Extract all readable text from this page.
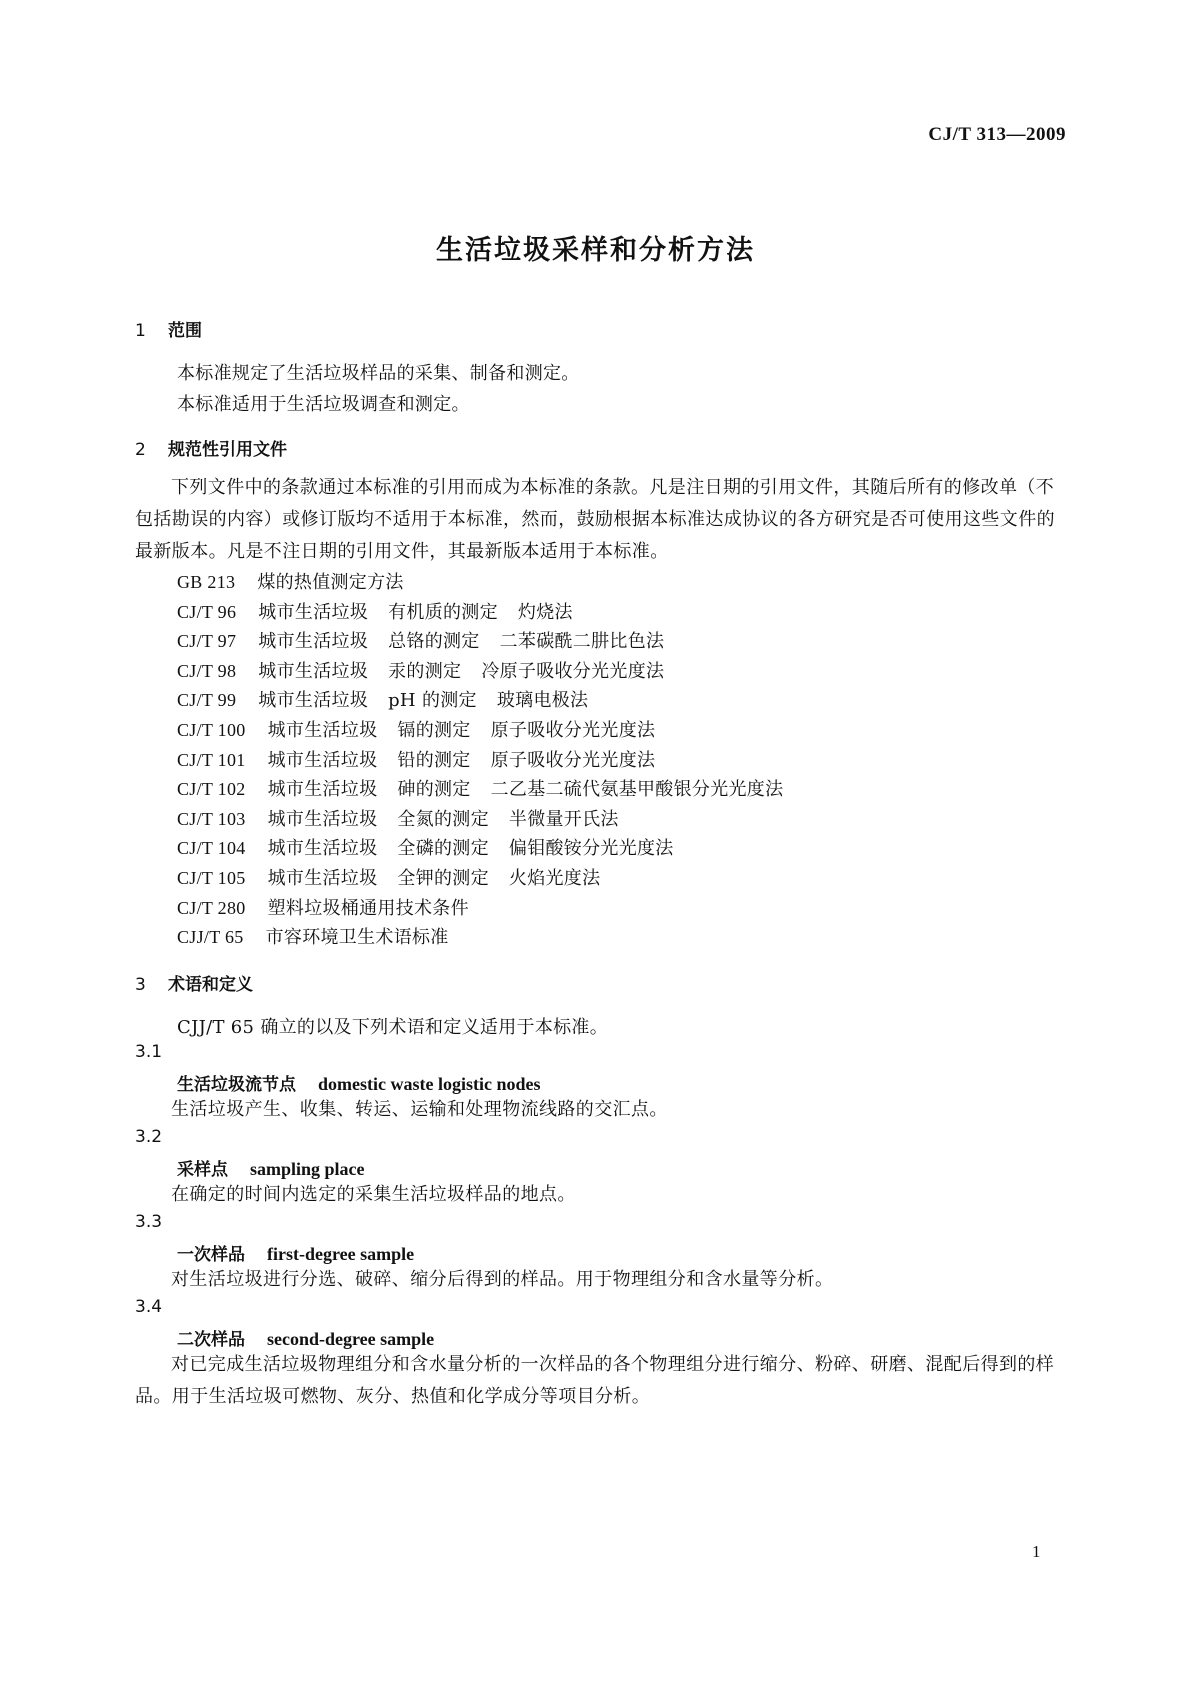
CJ/T 313—2009
生活垃圾采样和分析方法
1 范围
本标准规定了生活垃圾样品的采集、制备和测定。
本标准适用于生活垃圾调查和测定。
2 规范性引用文件
下列文件中的条款通过本标准的引用而成为本标准的条款。凡是注日期的引用文件，其随后所有的修改单（不包括勘误的内容）或修订版均不适用于本标准，然而，鼓励根据本标准达成协议的各方研究是否可使用这些文件的最新版本。凡是不注日期的引用文件，其最新版本适用于本标准。
GB 213 煤的热值测定方法
CJ/T 96 城市生活垃圾 有机质的测定 灼烧法
CJ/T 97 城市生活垃圾 总铬的测定 二苯碳酰二肼比色法
CJ/T 98 城市生活垃圾 汞的测定 冷原子吸收分光光度法
CJ/T 99 城市生活垃圾 pH 的测定 玻璃电极法
CJ/T 100 城市生活垃圾 镉的测定 原子吸收分光光度法
CJ/T 101 城市生活垃圾 铅的测定 原子吸收分光光度法
CJ/T 102 城市生活垃圾 砷的测定 二乙基二硫代氨基甲酸银分光光度法
CJ/T 103 城市生活垃圾 全氮的测定 半微量开氏法
CJ/T 104 城市生活垃圾 全磷的测定 偏钼酸铵分光光度法
CJ/T 105 城市生活垃圾 全钾的测定 火焰光度法
CJ/T 280 塑料垃圾桶通用技术条件
CJJ/T 65 市容环境卫生术语标准
3 术语和定义
CJJ/T 65 确立的以及下列术语和定义适用于本标准。
3.1
生活垃圾流节点 domestic waste logistic nodes
生活垃圾产生、收集、转运、运输和处理物流线路的交汇点。
3.2
采样点 sampling place
在确定的时间内选定的采集生活垃圾样品的地点。
3.3
一次样品 first-degree sample
对生活垃圾进行分选、破碎、缩分后得到的样品。用于物理组分和含水量等分析。
3.4
二次样品 second-degree sample
对已完成生活垃圾物理组分和含水量分析的一次样品的各个物理组分进行缩分、粉碎、研磨、混配后得到的样品。用于生活垃圾可燃物、灰分、热值和化学成分等项目分析。
1
